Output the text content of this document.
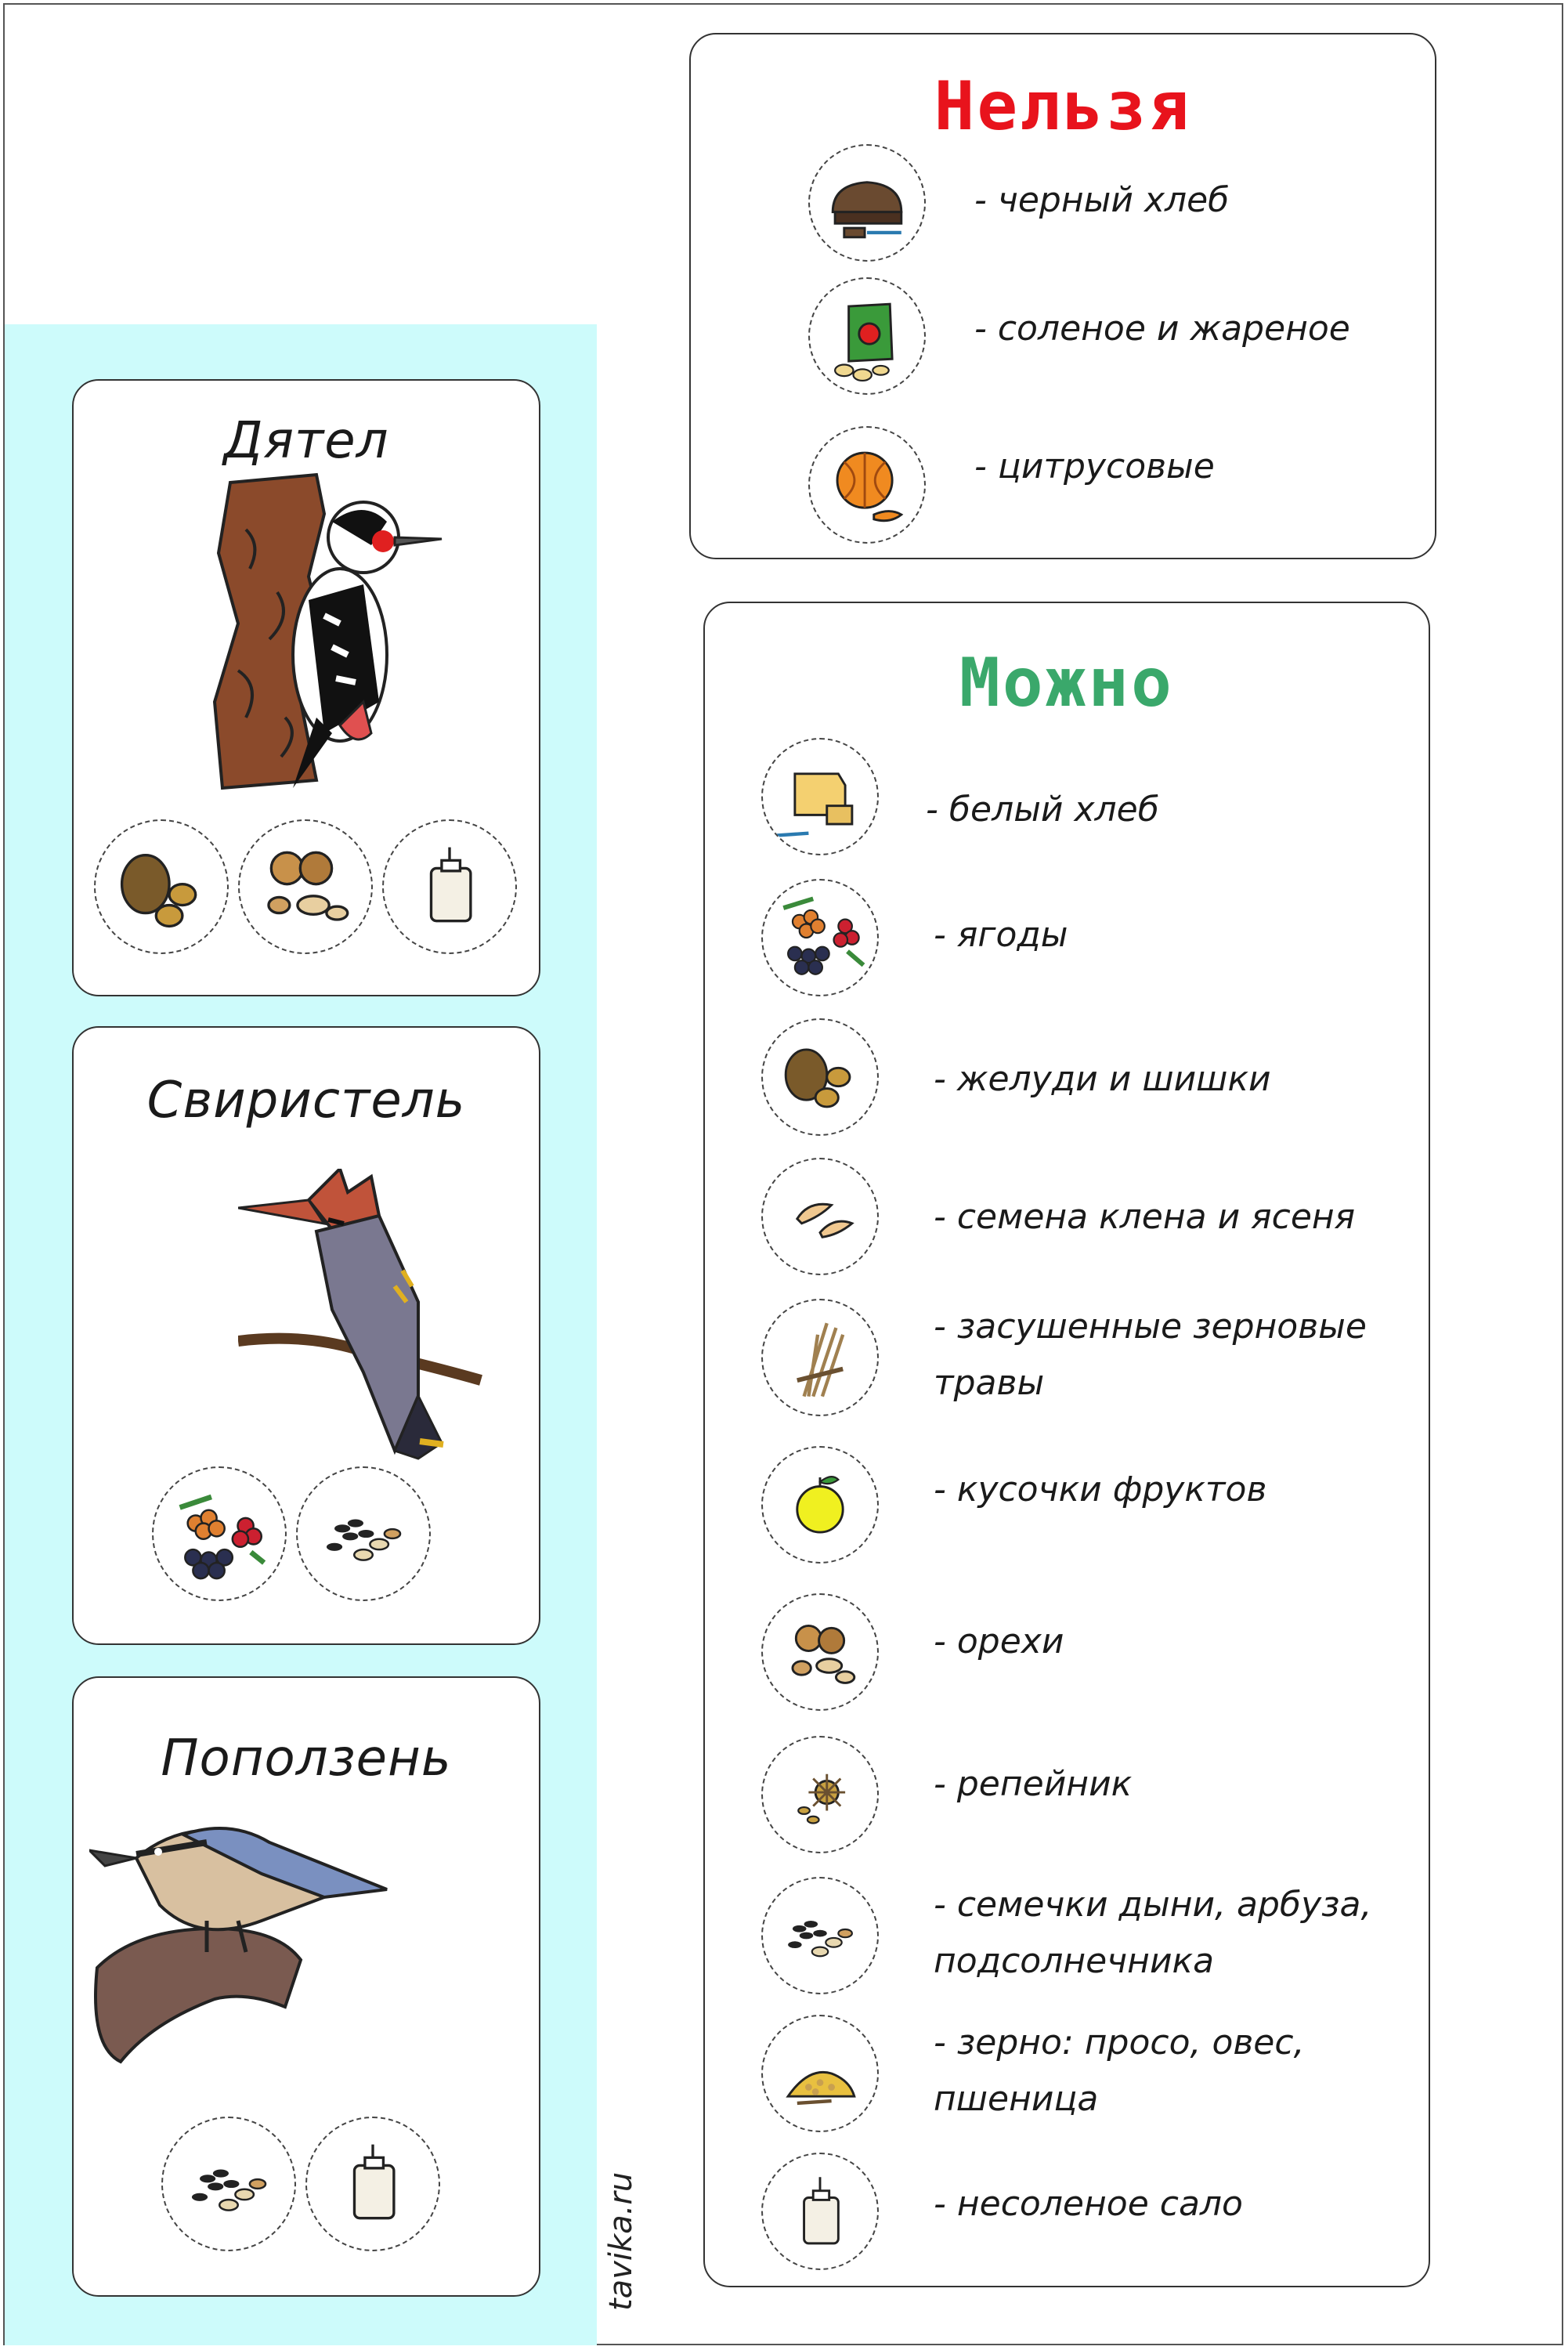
Дятел
Свиристель
Поползень
Нельзя
- черный хлеб
- соленое и жареное
- цитрусовые
Можно
- белый хлеб
- ягоды
- желуди и шишки
- семена клена и ясеня
- засушенные зерновые
травы
- кусочки фруктов
- орехи
- репейник
- семечки дыни, арбуза,
подсолнечника
- зерно: просо, овес,
пшеница
- несоленое сало
tavika.ru
